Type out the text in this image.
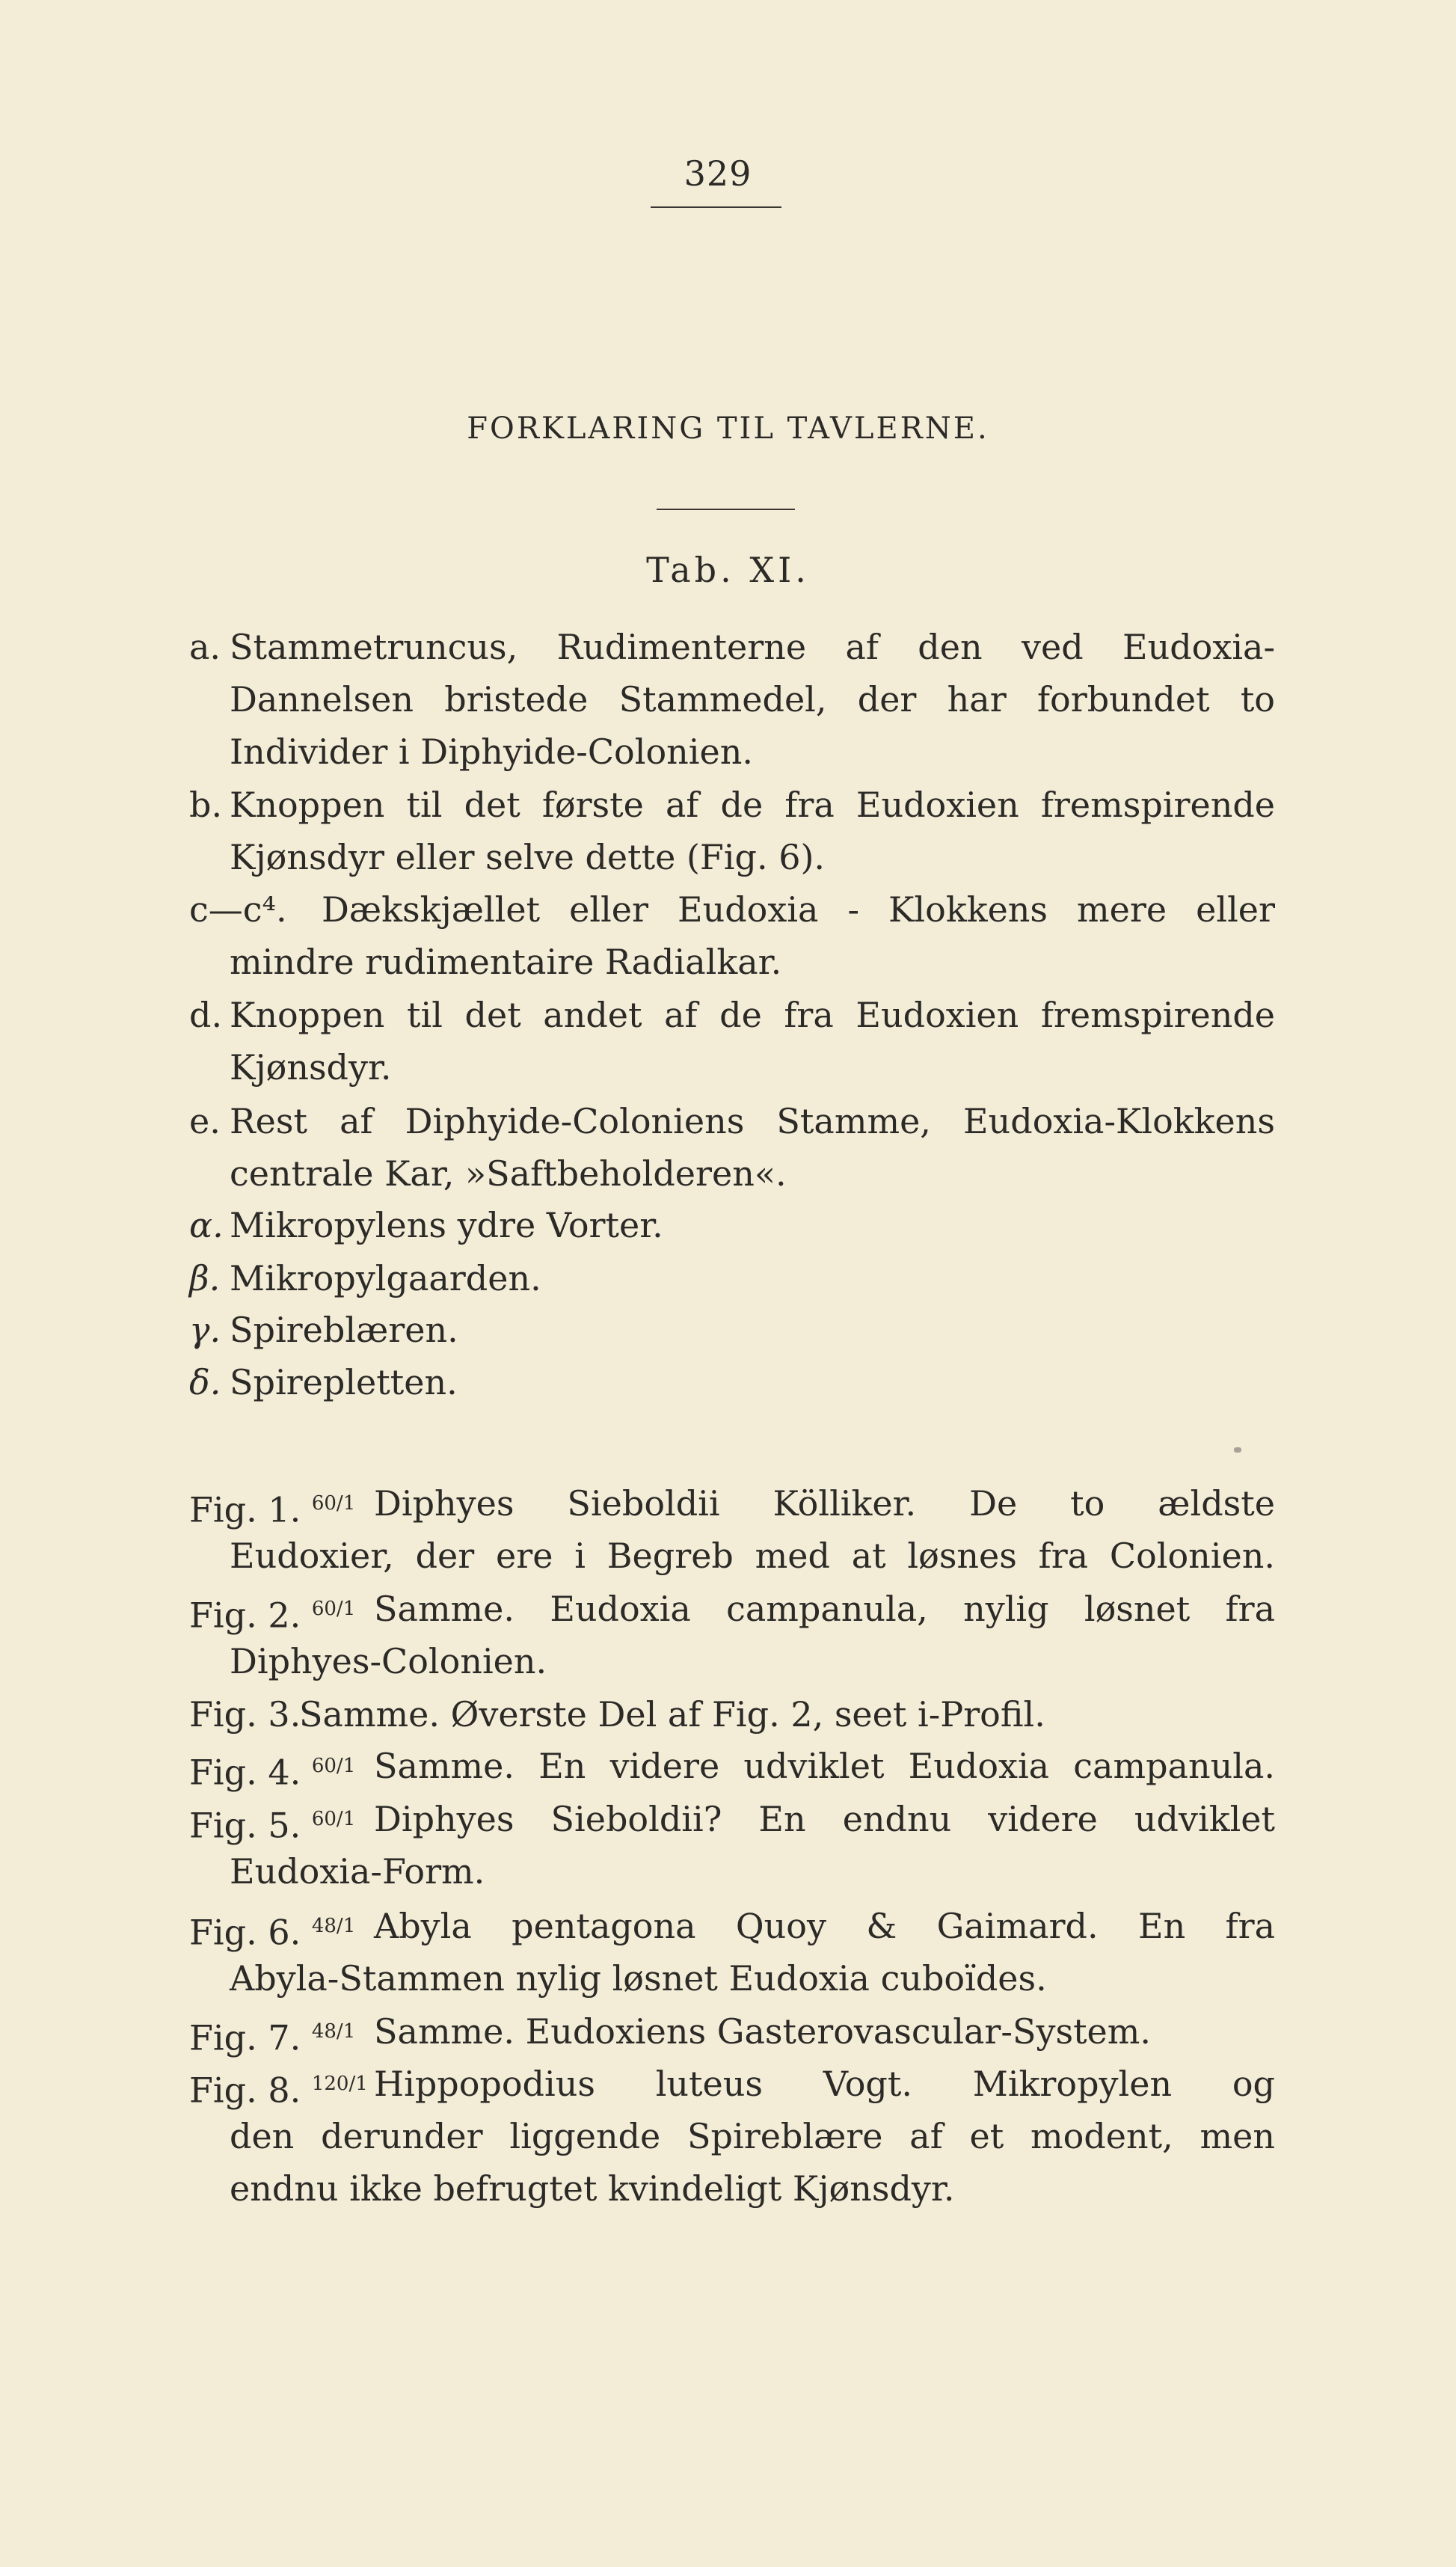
329
FORKLARING TIL TAVLERNE.
Tab. XI.
a. Stammetruncus, Rudimenterne af den ved Eudoxia-
Dannelsen bristede Stammedel, der har forbundet to
Individer i Diphyide-Colonien.
b. Knoppen til det første af de fra Eudoxien fremspirende
Kjønsdyr eller selve dette (Fig. 6).
c—c⁴. Dækskjællet eller Eudoxia - Klokkens mere eller
mindre rudimentaire Radialkar.
d. Knoppen til det andet af de fra Eudoxien fremspirende
Kjønsdyr.
e. Rest af Diphyide-Coloniens Stamme, Eudoxia-Klokkens
centrale Kar, »Saftbeholderen«.
α. Mikropylens ydre Vorter.
β. Mikropylgaarden.
γ. Spireblæren.
δ. Spirepletten.
Fig. 1. $^{60/1}$ Diphyes Sieboldii Kölliker. De to ældste
Eudoxier, der ere i Begreb med at løsnes fra Colonien.
Fig. 2. $^{60/1}$ Samme. Eudoxia campanula, nylig løsnet fra
Diphyes-Colonien.
Fig. 3.
Samme. Øverste Del af Fig. 2, seet i-Profil.
Fig. 4. $^{60/1}$ Samme. En videre udviklet Eudoxia campanula.
Fig. 5. $^{60/1}$ Diphyes Sieboldii? En endnu videre udviklet
Eudoxia-Form.
Fig. 6. $^{48/1}$ Abyla pentagona Quoy & Gaimard. En fra
Abyla-Stammen nylig løsnet Eudoxia cuboïdes.
Fig. 7. $^{48/1}$ Samme. Eudoxiens Gasterovascular-System.
Fig. 8. $^{120/1}$ Hippopodius luteus Vogt. Mikropylen og
den derunder liggende Spireblære af et modent, men
endnu ikke befrugtet kvindeligt Kjønsdyr.
